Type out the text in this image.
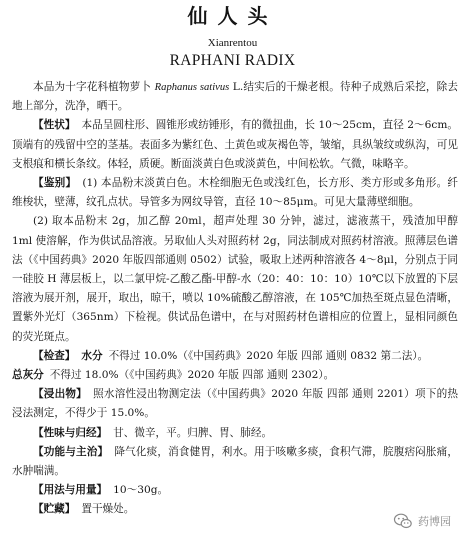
仙人头
Xianrentou
RAPHANI RADIX

本品为十字花科植物萝卜 Raphanus sativus L.结实后的干燥老根。待种子成熟后采挖，除去地上部分，洗净，晒干。

【性状】 本品呈圆柱形、圆锥形或纺锤形，有的微扭曲，长 10～25cm，直径 2～6cm。顶端有的残留中空的茎基。表面多为紫红色、土黄色或灰褐色等，皱缩，具纵皱纹或纵沟，可见支根痕和横长条纹。体轻，质硬。断面淡黄白色或淡黄色，中间松软。气微，味略辛。

【鉴别】 (1) 本品粉末淡黄白色。木栓细胞无色或浅红色，长方形、类方形或多角形。纤维梭状，壁薄，纹孔点状。导管多为网纹导管，直径 10～85μm。可见大量薄壁细胞。

(2) 取本品粉末 2g，加乙醇 20ml，超声处理 30 分钟，滤过，滤液蒸干，残渣加甲醇 1ml 使溶解，作为供试品溶液。另取仙人头对照药材 2g，同法制成对照药材溶液。照薄层色谱法（《中国药典》2020 年版四部通则 0502）试验，吸取上述两种溶液各 4～8μl，分别点于同一硅胶 H 薄层板上，以二氯甲烷-乙酸乙酯-甲醇-水（20：40：10：10）10℃以下放置的下层溶液为展开剂，展开，取出，晾干，喷以 10%硫酸乙醇溶液，在 105℃加热至斑点显色清晰，置紫外光灯（365nm）下检视。供试品色谱中，在与对照药材色谱相应的位置上，显相同颜色的荧光斑点。

【检查】 水分 不得过 10.0%（《中国药典》2020 年版 四部 通则 0832 第二法）。

总灰分 不得过 18.0%（《中国药典》2020 年版 四部 通则 2302）。

【浸出物】 照水溶性浸出物测定法（《中国药典》2020 年版 四部 通则 2201）项下的热浸法测定，不得少于 15.0%。

【性味与归经】 甘、微辛，平。归脾、胃、肺经。

【功能与主治】 降气化痰，消食健胃，利水。用于咳嗽多痰，食积气滞，脘腹痞闷胀痛，水肿喘满。

【用法与用量】 10～30g。

【贮藏】 置干燥处。

药博园
